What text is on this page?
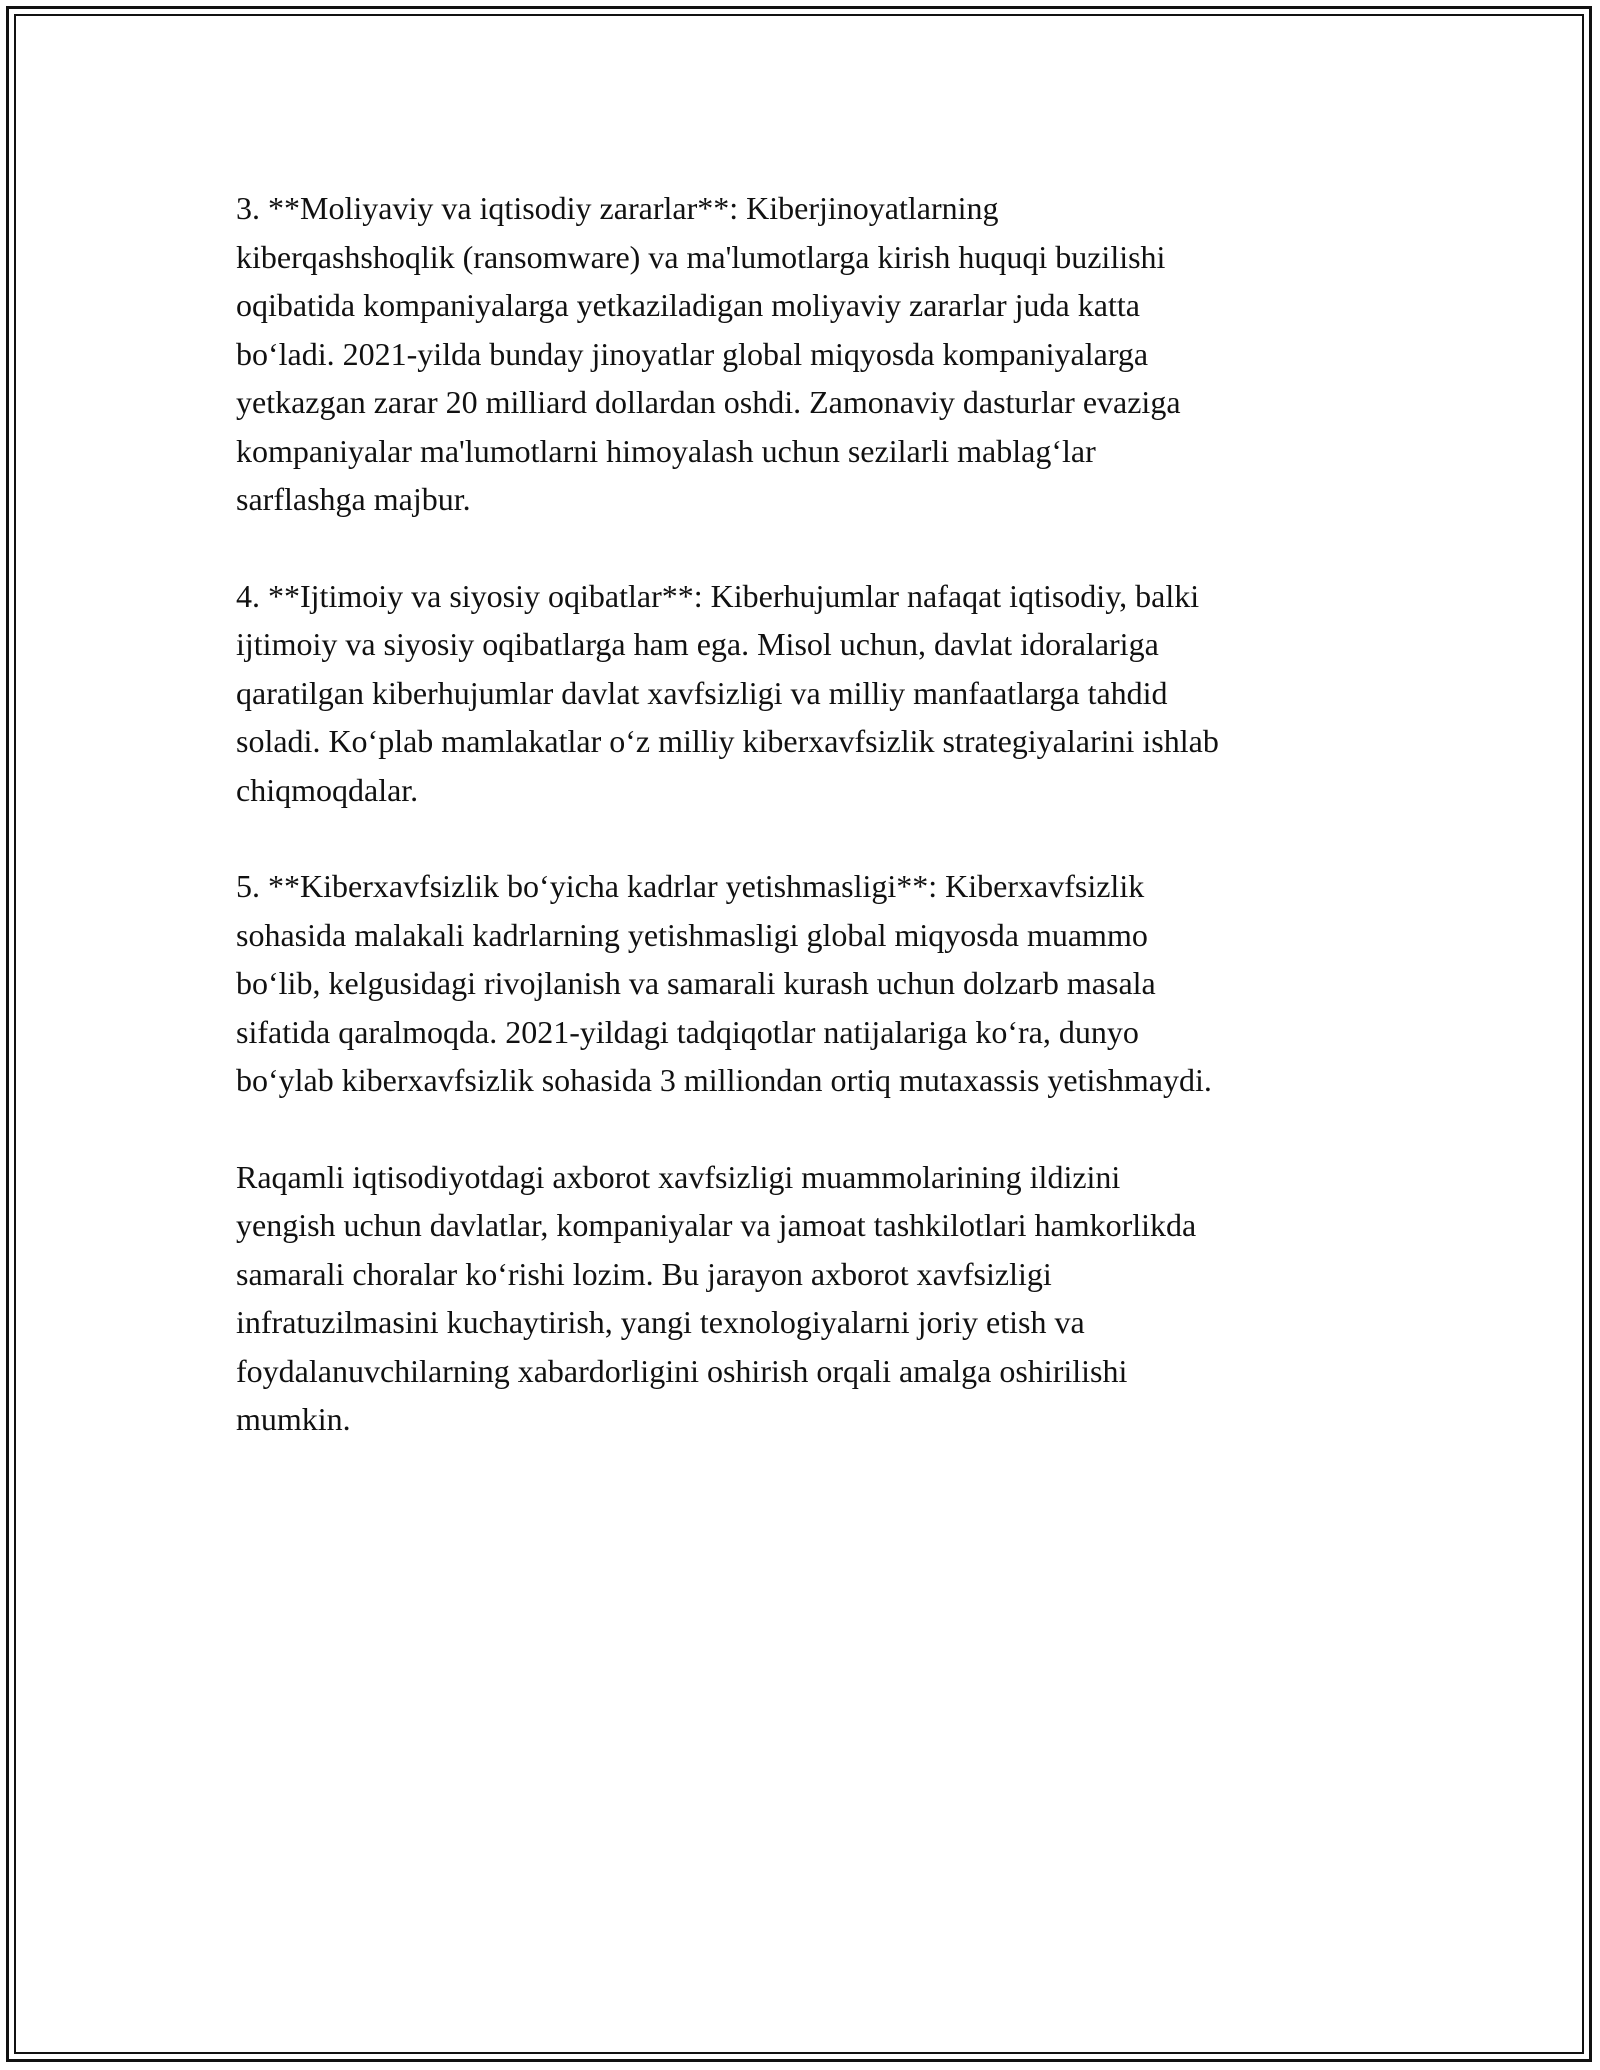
3. **Moliyaviy va iqtisodiy zararlar**: Kiberjinoyatlarning
kiberqashshoqlik (ransomware) va ma'lumotlarga kirish huquqi buzilishi
oqibatida kompaniyalarga yetkaziladigan moliyaviy zararlar juda katta
bo‘ladi. 2021-yilda bunday jinoyatlar global miqyosda kompaniyalarga
yetkazgan zarar 20 milliard dollardan oshdi. Zamonaviy dasturlar evaziga
kompaniyalar ma'lumotlarni himoyalash uchun sezilarli mablag‘lar
sarflashga majbur.

4. **Ijtimoiy va siyosiy oqibatlar**: Kiberhujumlar nafaqat iqtisodiy, balki
ijtimoiy va siyosiy oqibatlarga ham ega. Misol uchun, davlat idoralariga
qaratilgan kiberhujumlar davlat xavfsizligi va milliy manfaatlarga tahdid
soladi. Ko‘plab mamlakatlar o‘z milliy kiberxavfsizlik strategiyalarini ishlab
chiqmoqdalar.

5. **Kiberxavfsizlik bo‘yicha kadrlar yetishmasligi**: Kiberxavfsizlik
sohasida malakali kadrlarning yetishmasligi global miqyosda muammo
bo‘lib, kelgusidagi rivojlanish va samarali kurash uchun dolzarb masala
sifatida qaralmoqda. 2021-yildagi tadqiqotlar natijalariga ko‘ra, dunyo
bo‘ylab kiberxavfsizlik sohasida 3 milliondan ortiq mutaxassis yetishmaydi.

Raqamli iqtisodiyotdagi axborot xavfsizligi muammolarining ildizini
yengish uchun davlatlar, kompaniyalar va jamoat tashkilotlari hamkorlikda
samarali choralar ko‘rishi lozim. Bu jarayon axborot xavfsizligi
infratuzilmasini kuchaytirish, yangi texnologiyalarni joriy etish va
foydalanuvchilarning xabardorligini oshirish orqali amalga oshirilishi
mumkin.
